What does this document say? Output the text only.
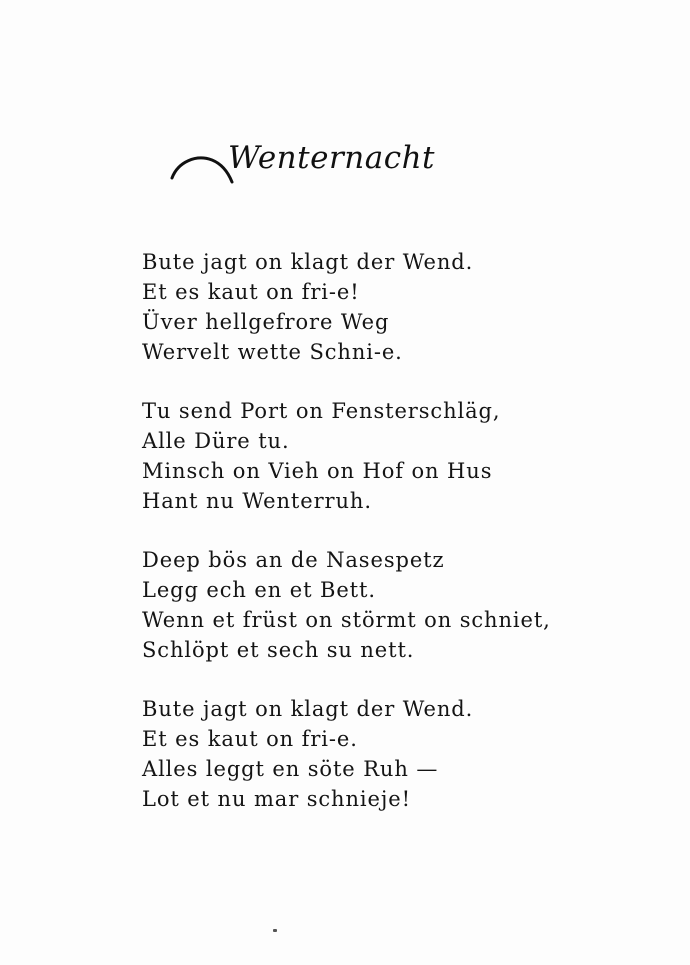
Wenternacht
Bute jagt on klagt der Wend.
Et es kaut on fri-e!
Üver hellgefrore Weg
Wervelt wette Schni-e.
Tu send Port on Fensterschläg,
Alle Düre tu.
Minsch on Vieh on Hof on Hus
Hant nu Wenterruh.
Deep bös an de Nasespetz
Legg ech en et Bett.
Wenn et früst on störmt on schniet,
Schlöpt et sech su nett.
Bute jagt on klagt der Wend.
Et es kaut on fri-e.
Alles leggt en söte Ruh —
Lot et nu mar schnieje!
